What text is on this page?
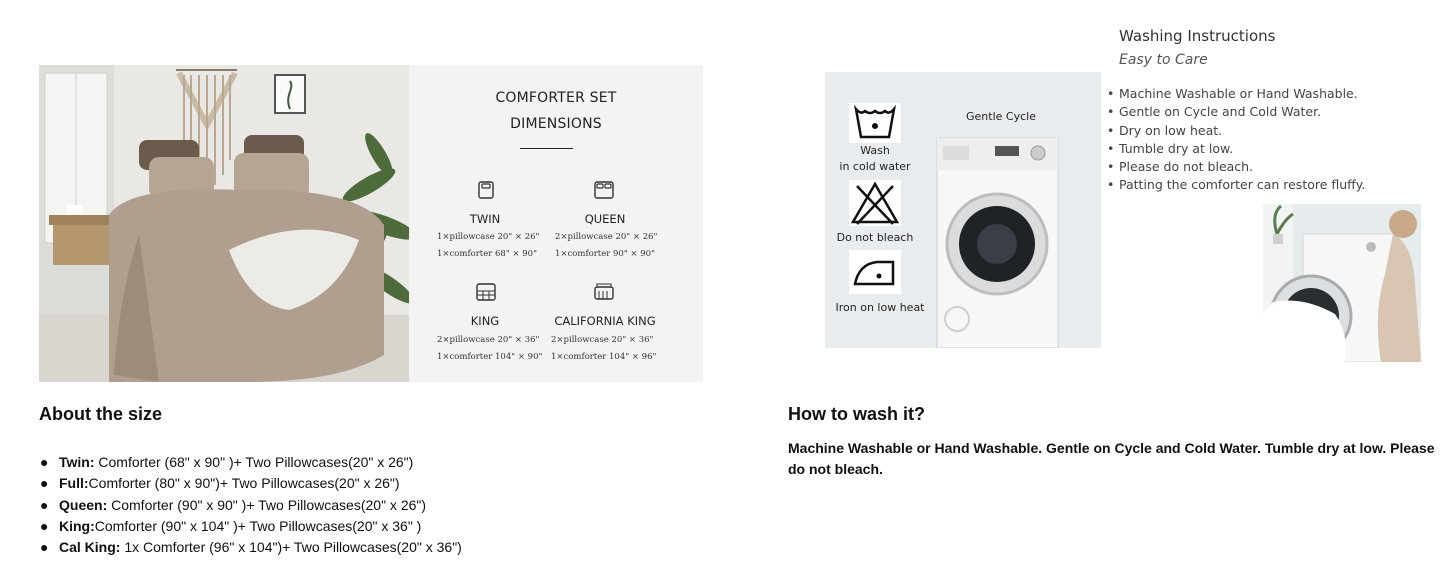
COMFORTER SET
DIMENSIONS
TWIN
1×pillowcase 20" × 26"
1×comforter 68" × 90"
QUEEN
2×pillowcase 20" × 26"
1×comforter 90" × 90"
KING
2×pillowcase 20" × 36"
1×comforter 104" × 90"
CALIFORNIA KING
2×pillowcase 20" × 36"
1×comforter 104" × 96"
Wash
in cold water
Do not bleach
Iron on low heat
Gentle Cycle
Washing Instructions
Easy to Care
• Machine Washable or Hand Washable.
• Gentle on Cycle and Cold Water.
• Dry on low heat.
• Tumble dry at low.
• Please do not bleach.
• Patting the comforter can restore fluffy.
About the size
● Twin: Comforter (68" x 90" )+ Two Pillowcases(20" x 26")
● Full:Comforter (80" x 90")+ Two Pillowcases(20" x 26")
● Queen: Comforter (90" x 90" )+ Two Pillowcases(20" x 26")
● King:Comforter (90" x 104" )+ Two Pillowcases(20" x 36" )
● Cal King: 1x Comforter (96" x 104")+ Two Pillowcases(20" x 36")
How to wash it?
Machine Washable or Hand Washable. Gentle on Cycle and Cold Water. Tumble dry at low. Please do not bleach.
